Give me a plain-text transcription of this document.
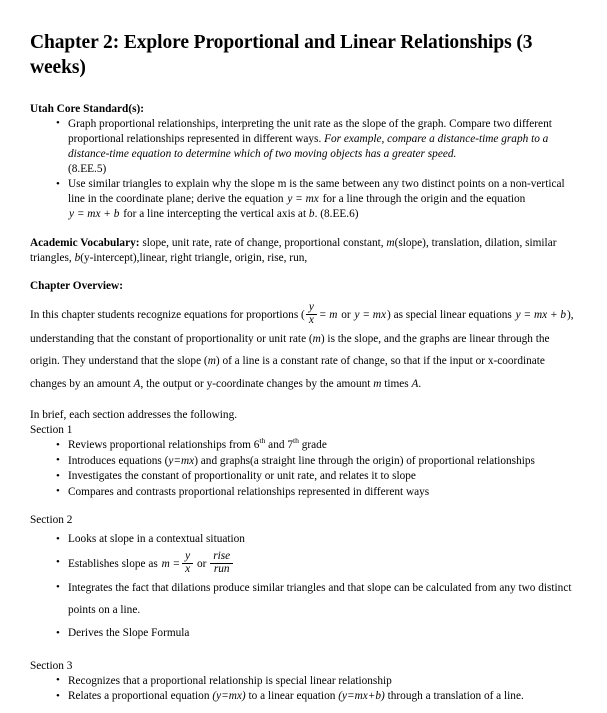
Chapter 2: Explore Proportional and Linear Relationships (3 weeks)

Utah Core Standard(s):

• Graph proportional relationships, interpreting the unit rate as the slope of the graph. Compare two different proportional relationships represented in different ways. For example, compare a distance-time graph to a distance-time equation to determine which of two moving objects has a greater speed.
(8.EE.5)
• Use similar triangles to explain why the slope m is the same between any two distinct points on a non-vertical line in the coordinate plane; derive the equation y = mx for a line through the origin and the equation y = mx + b for a line intercepting the vertical axis at b. (8.EE.6)

Academic Vocabulary: slope, unit rate, rate of change, proportional constant, m(slope), translation, dilation, similar triangles, b(y-intercept),linear, right triangle, origin, rise, run,

Chapter Overview:

In this chapter students recognize equations for proportions ( $\frac{y}{x} = m$ or y = mx) as special linear equations y = mx + b), understanding that the constant of proportionality or unit rate (m) is the slope, and the graphs are linear through the origin. They understand that the slope (m) of a line is a constant rate of change, so that if the input or x-coordinate changes by an amount A, the output or y-coordinate changes by the amount m times A.

In brief, each section addresses the following.

Section 1

• Reviews proportional relationships from 6th and 7th grade
• Introduces equations (y=mx) and graphs(a straight line through the origin) of proportional relationships
• Investigates the constant of proportionality or unit rate, and relates it to slope
• Compares and contrasts proportional relationships represented in different ways

Section 2

• Looks at slope in a contextual situation
• Establishes slope as $m = \frac{y}{x}$ or $\frac{\text{rise}}{\text{run}}$
• Integrates the fact that dilations produce similar triangles and that slope can be calculated from any two distinct points on a line.
• Derives the Slope Formula

Section 3

• Recognizes that a proportional relationship is special linear relationship
• Relates a proportional equation (y=mx) to a linear equation (y=mx+b) through a translation of a line.
